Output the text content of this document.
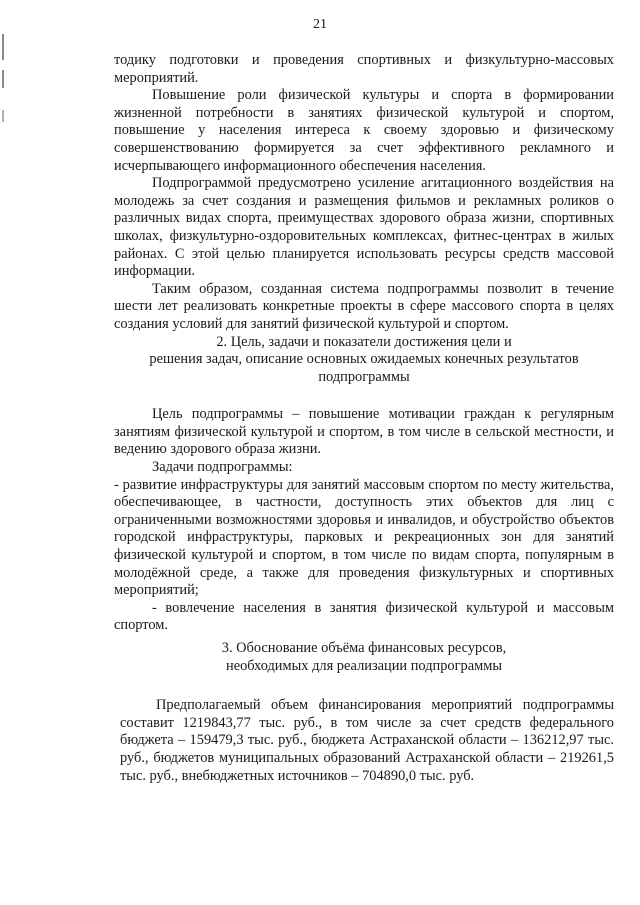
21

тодику подготовки и проведения спортивных и физкультурно-массовых мероприятий.

Повышение роли физической культуры и спорта в формировании жизненной потребности в занятиях физической культурой и спортом, повышение у населения интереса к своему здоровью и физическому совершенствованию формируется за счет эффективного рекламного и исчерпывающего информационного обеспечения населения.

Подпрограммой предусмотрено усиление агитационного воздействия на молодежь за счет создания и размещения фильмов и рекламных роликов о различных видах спорта, преимуществах здорового образа жизни, спортивных школах, физкультурно-оздоровительных комплексах, фитнес-центрах в жилых районах. С этой целью планируется использовать ресурсы средств массовой информации.

Таким образом, созданная система подпрограммы позволит в течение шести лет реализовать конкретные проекты в сфере массового спорта в целях создания условий для занятий физической культурой и спортом.

2. Цель, задачи и показатели достижения цели и
решения задач, описание основных ожидаемых конечных результатов
подпрограммы

Цель подпрограммы – повышение мотивации граждан к регулярным занятиям физической культурой и спортом, в том числе в сельской местности, и ведению здорового образа жизни.

Задачи подпрограммы:

- развитие инфраструктуры для занятий массовым спортом по месту жительства, обеспечивающее, в частности, доступность этих объектов для лиц с ограниченными возможностями здоровья и инвалидов, и обустройство объектов городской инфраструктуры, парковых и рекреационных зон для занятий физической культурой и спортом, в том числе по видам спорта, популярным в молодёжной среде, а также для проведения физкультурных и спортивных мероприятий;

- вовлечение населения в занятия физической культурой и массовым спортом.

3. Обоснование объёма финансовых ресурсов,
необходимых для реализации подпрограммы

Предполагаемый объем финансирования мероприятий подпрограммы составит 1219843,77 тыс. руб., в том числе за счет средств федерального бюджета – 159479,3 тыс. руб., бюджета Астраханской области – 136212,97 тыс. руб., бюджетов муниципальных образований Астраханской области – 219261,5 тыс. руб., внебюджетных источников – 704890,0 тыс. руб.
